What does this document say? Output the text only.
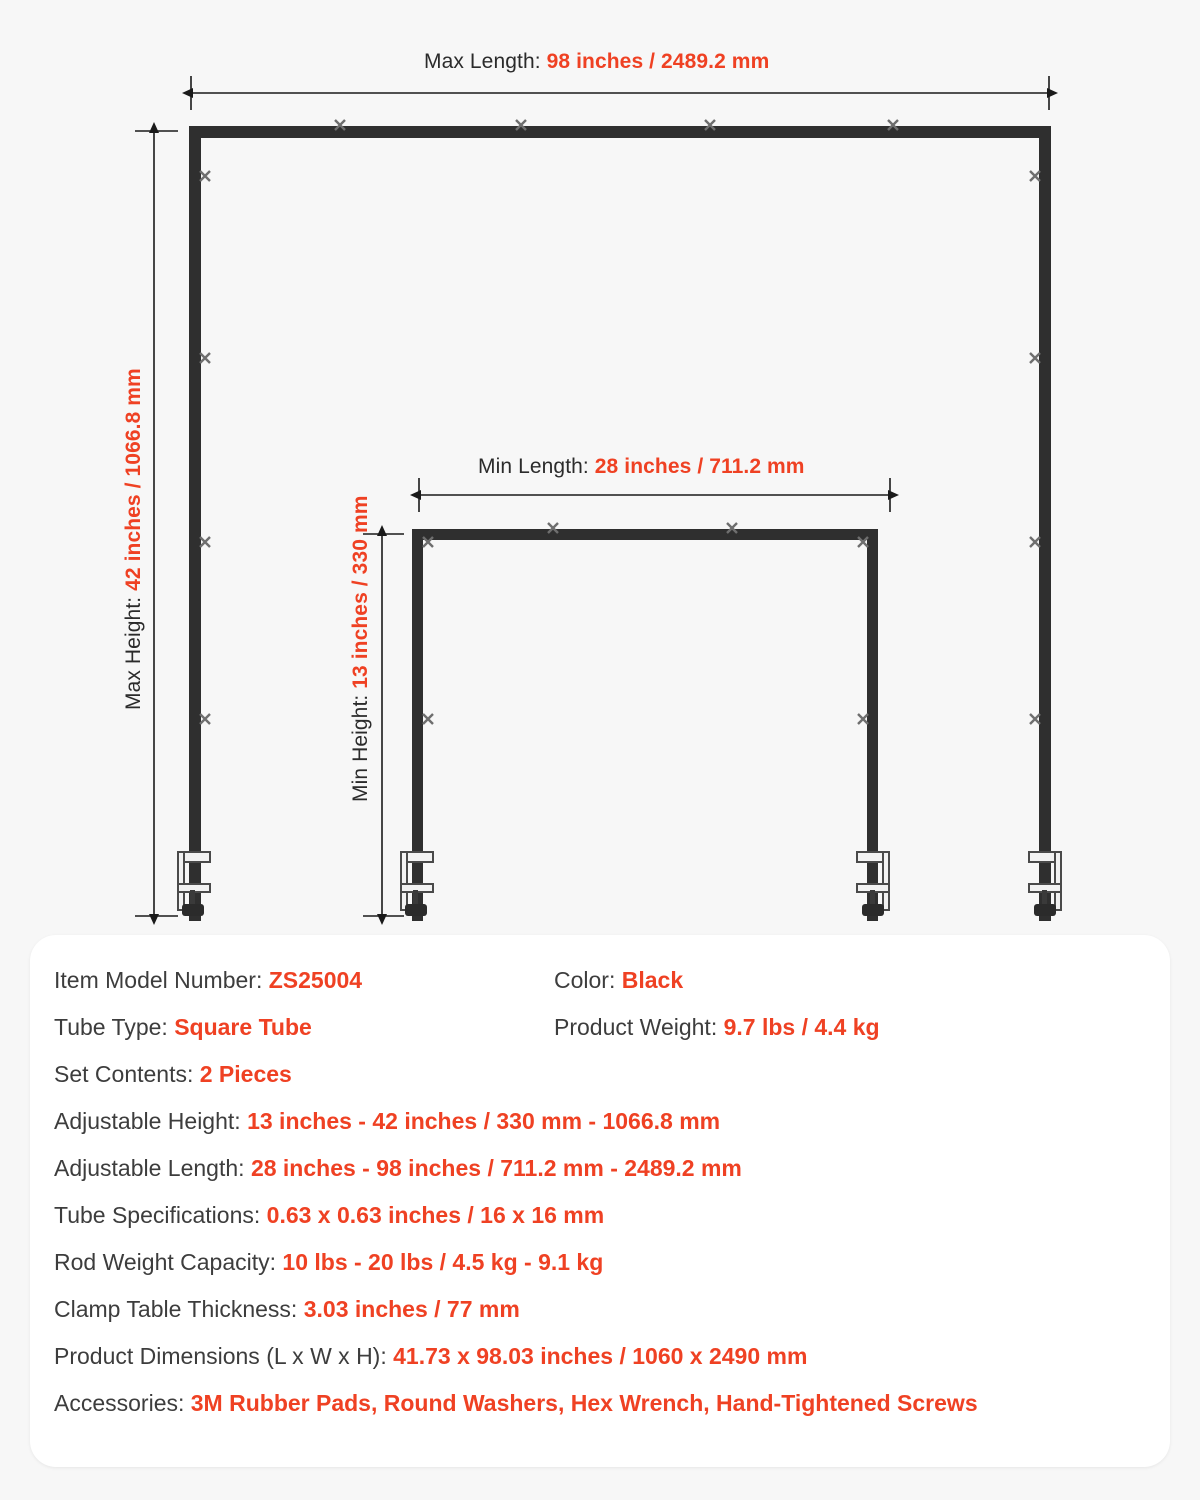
Max Length: 98 inches / 2489.2 mm
Min Length: 28 inches / 711.2 mm
Max Height: 42 inches / 1066.8 mm
Min Height: 13 inches / 330 mm
Item Model Number: ZS25004	Color: Black
Tube Type: Square Tube	Product Weight: 9.7 lbs / 4.4 kg
Set Contents: 2 Pieces
Adjustable Height: 13 inches - 42 inches / 330 mm - 1066.8 mm
Adjustable Length: 28 inches - 98 inches / 711.2 mm - 2489.2 mm
Tube Specifications: 0.63 x 0.63 inches / 16 x 16 mm
Rod Weight Capacity: 10 lbs - 20 lbs / 4.5 kg - 9.1 kg
Clamp Table Thickness: 3.03 inches / 77 mm
Product Dimensions (L x W x H): 41.73 x 98.03 inches / 1060 x 2490 mm
Accessories: 3M Rubber Pads, Round Washers, Hex Wrench, Hand-Tightened Screws
